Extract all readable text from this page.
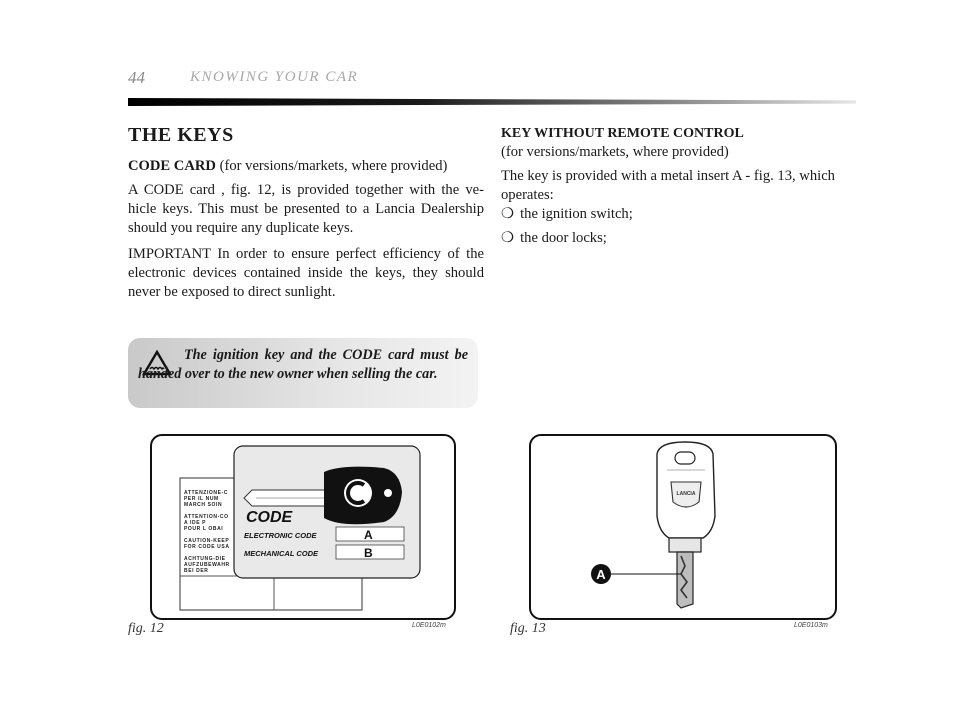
44	KNOWING YOUR CAR
THE KEYS

CODE CARD (for versions/markets, where provided)

A CODE card , fig. 12, is provided together with the ve-hicle keys. This must be presented to a Lancia Dealership should you require any duplicate keys.

IMPORTANT In order to ensure perfect efficiency of the electronic devices contained inside the keys, they should never be exposed to direct sunlight.

The ignition key and the CODE card must be handed over to the new owner when selling the car.

KEY WITHOUT REMOTE CONTROL

(for versions/markets, where provided)

The key is provided with a metal insert A - fig. 13, which operates:

❍ the ignition switch;
❍ the door locks;
ATTENZIONE-C
PER IL NUM
MARCH SOIN
ATTENTION-CO
A IDE P
POUR L OBAI
CAUTION-KEEP
FOR CODE USA
ACHTUNG-DIE
AUFZUBEWAHR
BEI DER
CODE
ELECTRONIC CODE
MECHANICAL CODE
A
B
fig. 12	L0E0102m
LANCIA
A
fig. 13	L0E0103m
